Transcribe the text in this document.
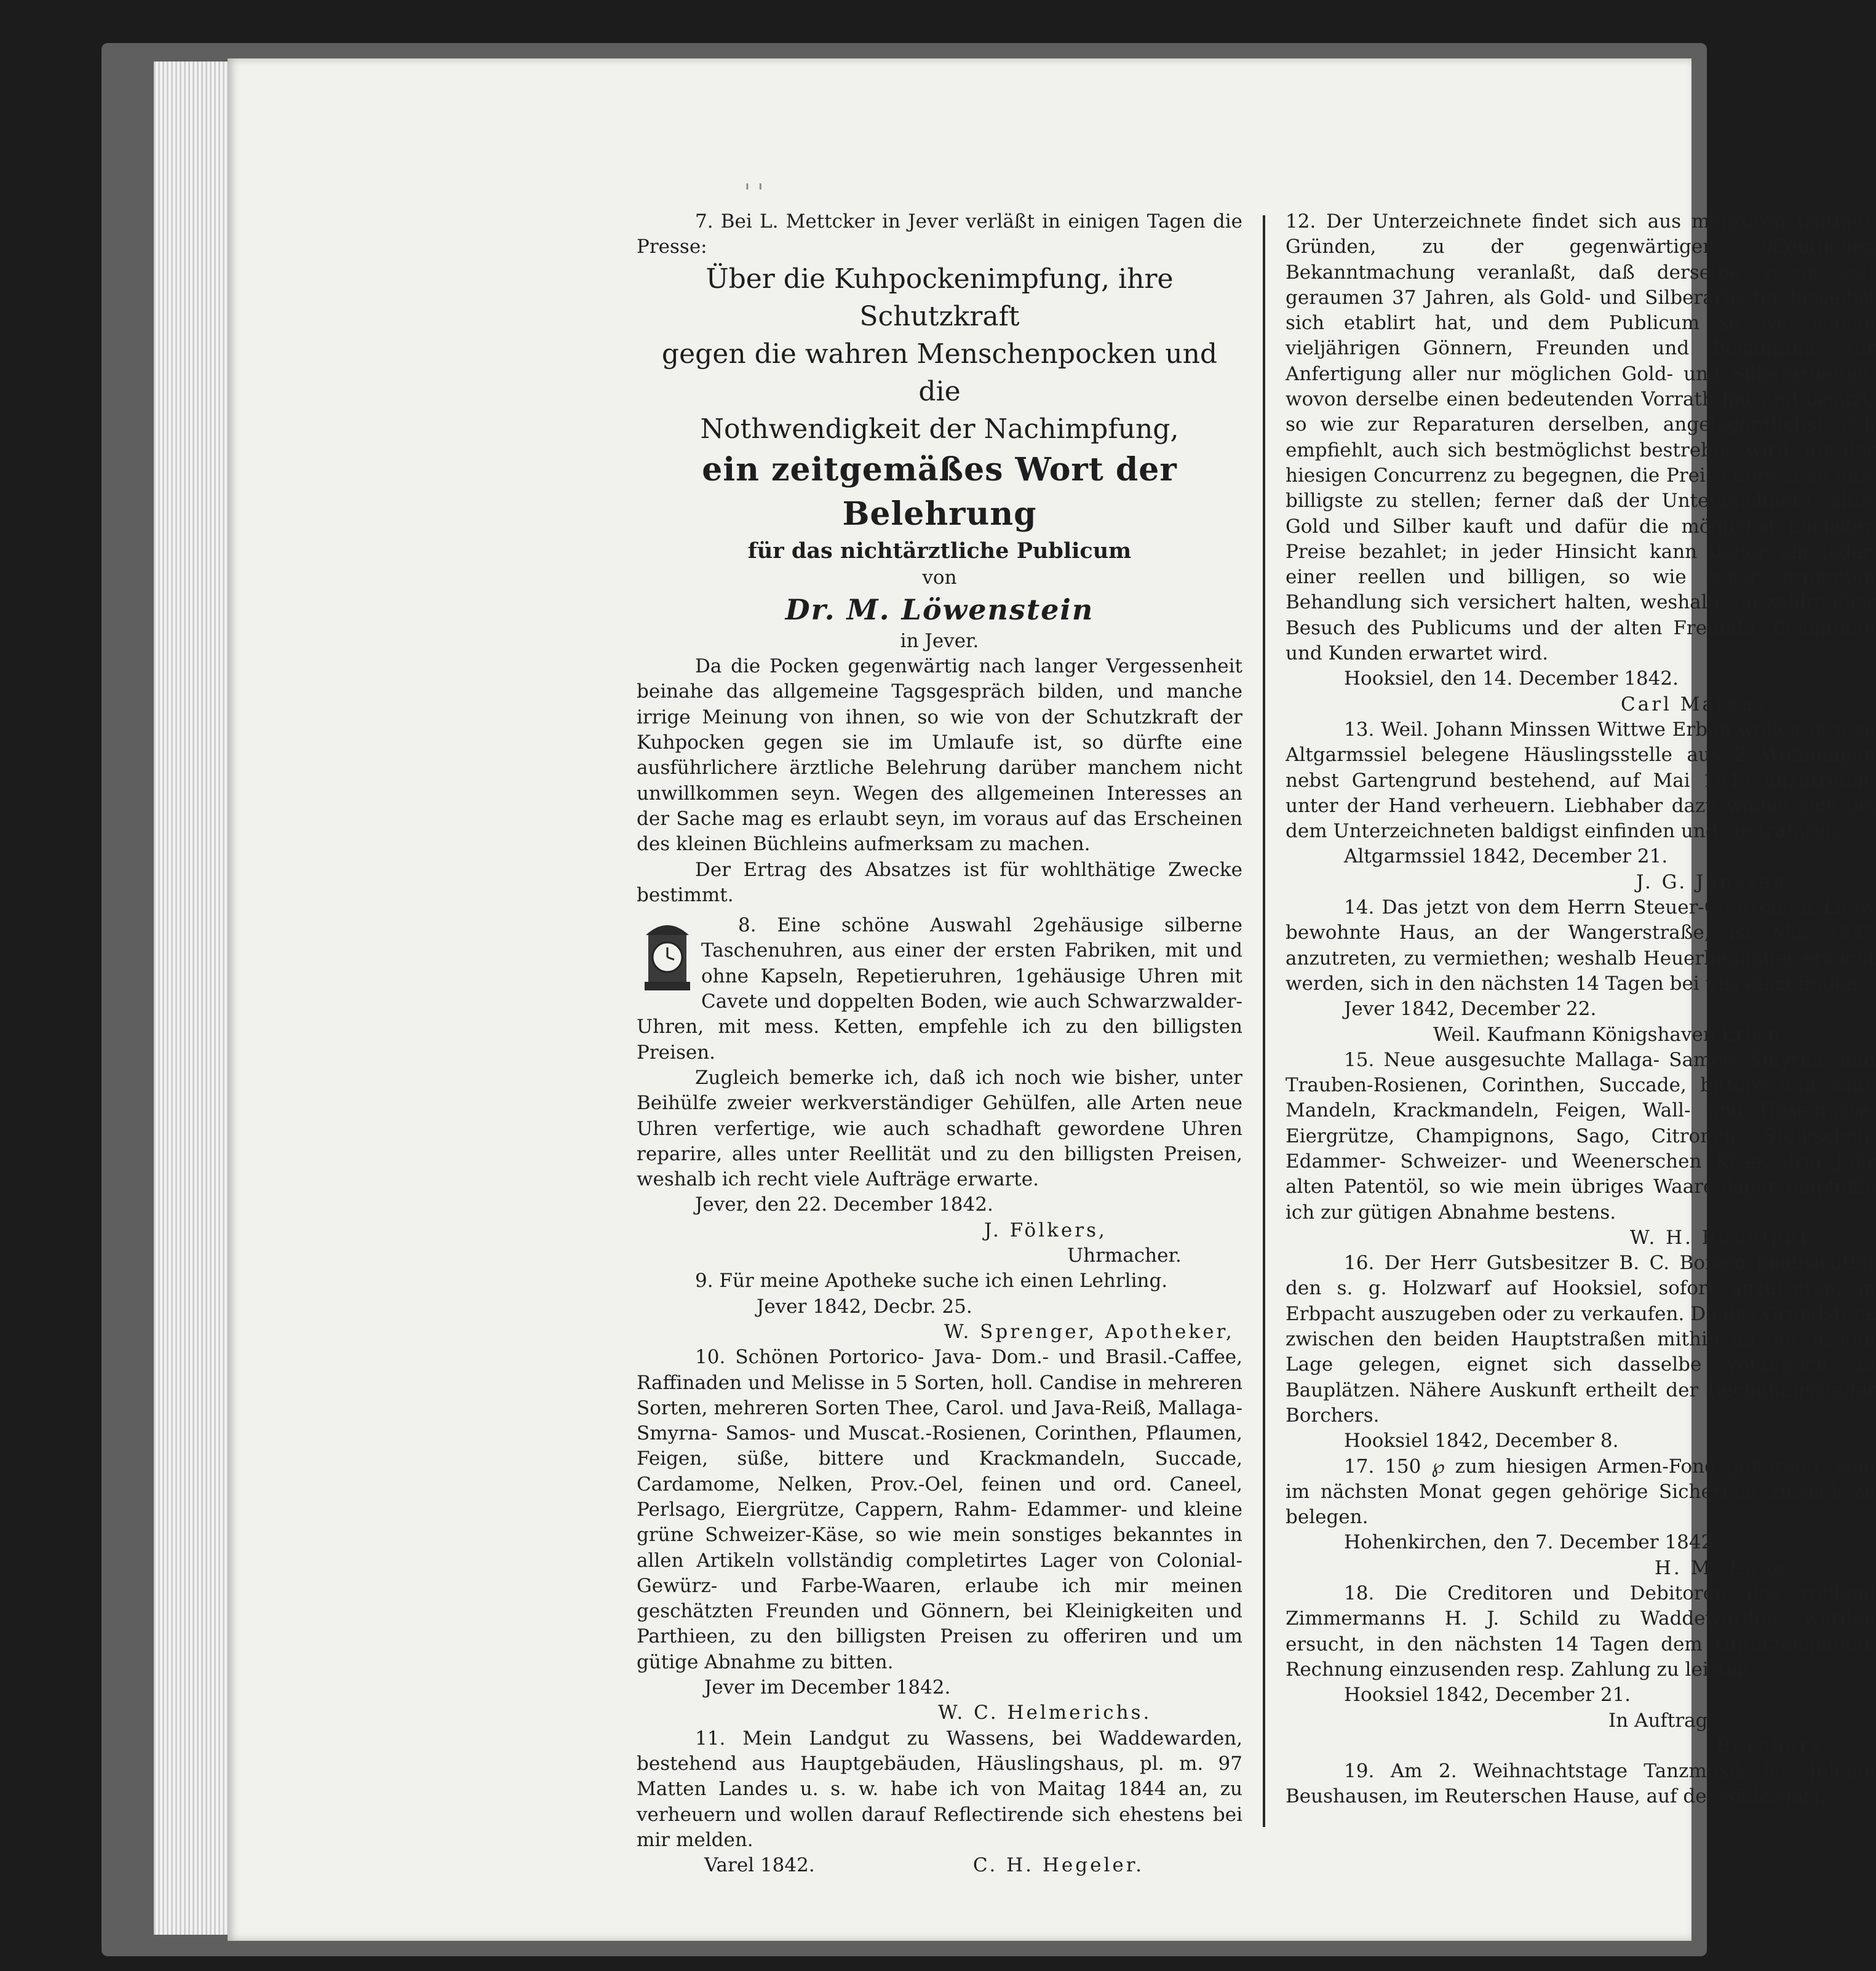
' '

7. Bei L. Mettcker in Jever verläßt in einigen Tagen die Presse:

Über die Kuhpockenimpfung, ihre Schutzkraft
gegen die wahren Menschenpocken und die
Nothwendigkeit der Nachimpfung,
ein zeitgemäßes Wort der Belehrung
für das nichtärztliche Publicum
von
Dr. M. Löwenstein
in Jever.

Da die Pocken gegenwärtig nach langer Vergessenheit beinahe das allgemeine Tagsgespräch bilden, und manche irrige Meinung von ihnen, so wie von der Schutzkraft der Kuhpocken gegen sie im Umlaufe ist, so dürfte eine ausführlichere ärztliche Belehrung darüber manchem nicht unwillkommen seyn. Wegen des allgemeinen Interesses an der Sache mag es erlaubt seyn, im voraus auf das Erscheinen des kleinen Büchleins aufmerksam zu machen.

Der Ertrag des Absatzes ist für wohlthätige Zwecke bestimmt.

8. Eine schöne Auswahl 2gehäusige silberne Taschenuhren, aus einer der ersten Fabriken, mit und ohne Kapseln, Repetieruhren, 1gehäusige Uhren mit Cavete und doppelten Boden, wie auch Schwarzwalder-Uhren, mit mess. Ketten, empfehle ich zu den billigsten Preisen.

Zugleich bemerke ich, daß ich noch wie bisher, unter Beihülfe zweier werkverständiger Gehülfen, alle Arten neue Uhren verfertige, wie auch schadhaft gewordene Uhren reparire, alles unter Reellität und zu den billigsten Preisen, weshalb ich recht viele Aufträge erwarte.

Jever, den 22. December 1842.
J. Fölkers,
Uhrmacher.

9. Für meine Apotheke suche ich einen Lehrling.

Jever 1842, Decbr. 25.
W. Sprenger, Apotheker,

10. Schönen Portorico- Java- Dom.- und Brasil.-Caffee, Raffinaden und Melisse in 5 Sorten, holl. Candise in mehreren Sorten, mehreren Sorten Thee, Carol. und Java-Reiß, Mallaga- Smyrna- Samos- und Muscat.-Rosienen, Corinthen, Pflaumen, Feigen, süße, bittere und Krackmandeln, Succade, Cardamome, Nelken, Prov.-Oel, feinen und ord. Caneel, Perlsago, Eiergrütze, Cappern, Rahm- Edammer- und kleine grüne Schweizer-Käse, so wie mein sonstiges bekanntes in allen Artikeln vollständig completirtes Lager von Colonial- Gewürz- und Farbe-Waaren, erlaube ich mir meinen geschätzten Freunden und Gönnern, bei Kleinigkeiten und Parthieen, zu den billigsten Preisen zu offeriren und um gütige Abnahme zu bitten.

Jever im December 1842.
W. C. Helmerichs.

11. Mein Landgut zu Wassens, bei Waddewarden, bestehend aus Hauptgebäuden, Häuslingshaus, pl. m. 97 Matten Landes u. s. w. habe ich von Maitag 1844 an, zu verheuern und wollen darauf Reflectirende sich ehestens bei mir melden.

Varel 1842.	C. H. Hegeler.

12. Der Unterzeichnete findet sich aus mehreren triftigen Gründen, zu der gegenwärtigen öffentlichen Bekanntmachung veranlaßt, daß derselbe schon seit geraumen 37 Jahren, als Gold- und Silberarbeiter hieselbst sich etablirt hat, und dem Publicum so wie seinen vieljährigen Gönnern, Freunden und Bekannten, zur Anfertigung aller nur möglichen Gold- und Silberarbeiten, wovon derselbe einen bedeutenden Vorrath hat und besitzt, so wie zur Reparaturen derselben, angelegentlichst sich empfiehlt, auch sich bestmöglichst bestreben wird, um der hiesigen Concurrenz zu begegnen, die Preise derselben aufs billigste zu stellen; ferner daß der Unterzeichnete, altes Gold und Silber kauft und dafür die möglichst höchsten Preise bezahlet; in jeder Hinsicht kann daher ein jeder, einer reellen und billigen, so wie einer prompten Behandlung sich versichert halten, weshalb ein zahlreicher Besuch des Publicums und der alten Freunde, Bekannten und Kunden erwartet wird.

Hooksiel, den 14. December 1842.
Carl Marcus.

13. Weil. Johann Minssen Wittwe Erben wollen ihre zu Altgarmssiel belegene Häuslingsstelle aus 2 Wohnungen nebst Gartengrund bestehend, auf Mai 1843 anzutreten, unter der Hand verheuern. Liebhaber dazu wollen sich bei dem Unterzeichneten baldigst einfinden und contrahiren.

Altgarmssiel 1842, December 21.
J. G. Janssen.

14. Das jetzt von dem Herrn Steuer-Controlleur Lauw bewohnte Haus, an der Wangerstraße, ist Mai 1843 anzutreten, zu vermiethen; weshalb Heuerliebhaber ersucht werden, sich in den nächsten 14 Tagen bei uns einzufinden.

Jever 1842, December 22.
Weil. Kaufmann Königshaven Erben.

15. Neue ausgesuchte Mallaga- Samos- Smyrna- und Trauben-Rosienen, Corinthen, Succade, bittere und süße Mandeln, Krackmandeln, Feigen, Wall- und Haselnüsse, Eiergrütze, Champignons, Sago, Citronen, Stolkschen- Edammer- Schweizer- und Weenerschen Käse, drei Jahr alten Patentöl, so wie mein übriges Waarenlager empfehle ich zur gütigen Abnahme bestens.

W. H. Rudolphi.

16. Der Herr Gutsbesitzer B. C. Boiken beabsichtigt den s. g. Holzwarf auf Hooksiel, sofort anzutreten, in Erbpacht auszugeben oder zu verkaufen. Da das Grundstück zwischen den beiden Hauptstraßen mithin an der besten Lage gelegen, eignet sich dasselbe vorzüglich zu Bauplätzen. Nähere Auskunft ertheilt der Rechnungssteller Borchers.

Hooksiel 1842, December 8.

17. 150 ℘ zum hiesigen Armen-Fond gehörend, sind im nächsten Monat gegen gehörige Sicherheit zinslich zu belegen.

Hohenkirchen, den 7. December 1842.
H. M. Lohe.

18. Die Creditoren und Debitoren des weiland Zimmermanns H. J. Schild zu Waddewarden, werden ersucht, in den nächsten 14 Tagen dem Unterzeichneten Rechnung einzusenden resp. Zahlung zu leisten.

Hooksiel 1842, December 21.
In Auftrag
Borchers.

19. Am 2. Weihnachtstage Tanzmusik bei Johann Beushausen, im Reuterschen Hause, auf der Südergast,
